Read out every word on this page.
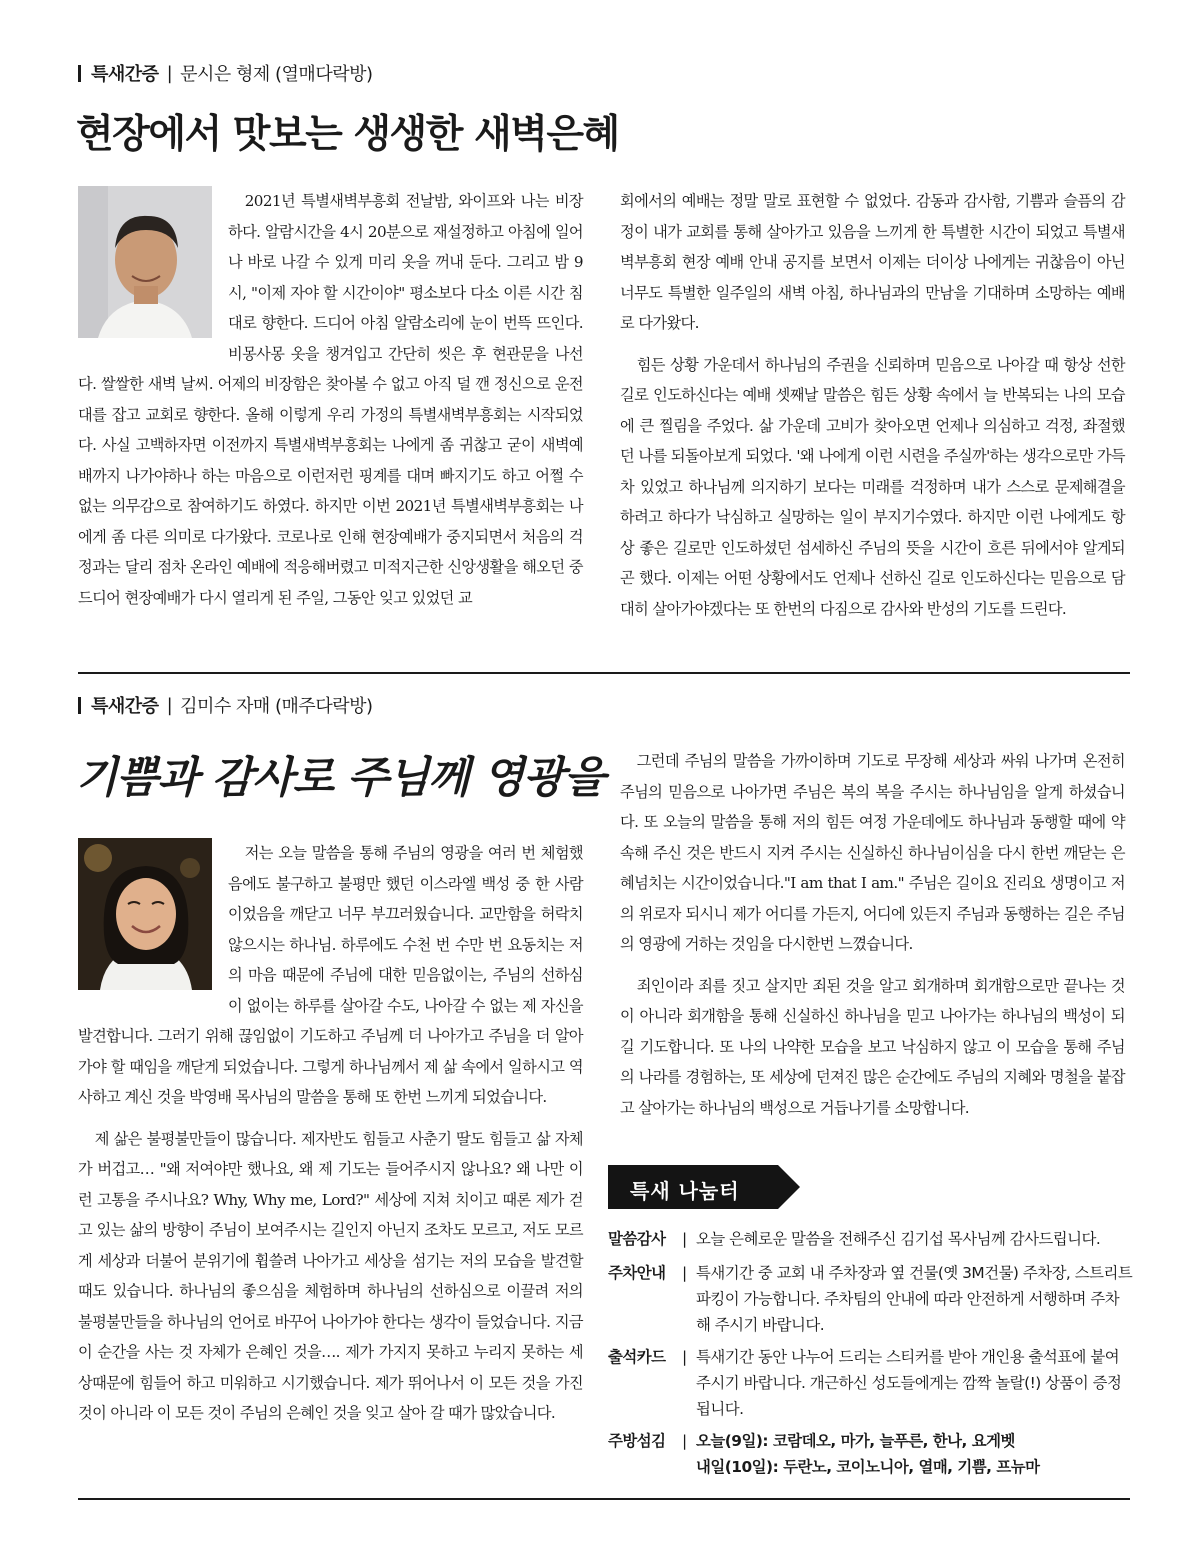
특새간증 | 문시은 형제 (열매다락방)
현장에서 맛보는 생생한 새벽은혜

2021년 특별새벽부흥회 전날밤, 와이프와 나는 비장하다. 알람시간을 4시 20분으로 재설정하고 아침에 일어나 바로 나갈 수 있게 미리 옷을 꺼내 둔다. 그리고 밤 9시, "이제 자야 할 시간이야" 평소보다 다소 이른 시간 침대로 향한다. 드디어 아침 알람소리에 눈이 번뜩 뜨인다. 비몽사몽 옷을 챙겨입고 간단히 씻은 후 현관문을 나선다. 쌀쌀한 새벽 날씨. 어제의 비장함은 찾아볼 수 없고 아직 덜 깬 정신으로 운전대를 잡고 교회로 향한다. 올해 이렇게 우리 가정의 특별새벽부흥회는 시작되었다. 사실 고백하자면 이전까지 특별새벽부흥회는 나에게 좀 귀찮고 굳이 새벽예배까지 나가야하나 하는 마음으로 이런저런 핑계를 대며 빠지기도 하고 어쩔 수 없는 의무감으로 참여하기도 하였다. 하지만 이번 2021년 특별새벽부흥회는 나에게 좀 다른 의미로 다가왔다. 코로나로 인해 현장예배가 중지되면서 처음의 걱정과는 달리 점차 온라인 예배에 적응해버렸고 미적지근한 신앙생활을 해오던 중 드디어 현장예배가 다시 열리게 된 주일, 그동안 잊고 있었던 교

회에서의 예배는 정말 말로 표현할 수 없었다. 감동과 감사함, 기쁨과 슬픔의 감정이 내가 교회를 통해 살아가고 있음을 느끼게 한 특별한 시간이 되었고 특별새벽부흥회 현장 예배 안내 공지를 보면서 이제는 더이상 나에게는 귀찮음이 아닌 너무도 특별한 일주일의 새벽 아침, 하나님과의 만남을 기대하며 소망하는 예배로 다가왔다.

힘든 상황 가운데서 하나님의 주권을 신뢰하며 믿음으로 나아갈 때 항상 선한 길로 인도하신다는 예배 셋째날 말씀은 힘든 상황 속에서 늘 반복되는 나의 모습에 큰 찔림을 주었다. 삶 가운데 고비가 찾아오면 언제나 의심하고 걱정, 좌절했던 나를 되돌아보게 되었다. '왜 나에게 이런 시련을 주실까'하는 생각으로만 가득차 있었고 하나님께 의지하기 보다는 미래를 걱정하며 내가 스스로 문제해결을 하려고 하다가 낙심하고 실망하는 일이 부지기수였다. 하지만 이런 나에게도 항상 좋은 길로만 인도하셨던 섬세하신 주님의 뜻을 시간이 흐른 뒤에서야 알게되곤 했다. 이제는 어떤 상황에서도 언제나 선하신 길로 인도하신다는 믿음으로 담대히 살아가야겠다는 또 한번의 다짐으로 감사와 반성의 기도를 드린다.

특새간증 | 김미수 자매 (매주다락방)
기쁨과 감사로 주님께 영광을

저는 오늘 말씀을 통해 주님의 영광을 여러 번 체험했음에도 불구하고 불평만 했던 이스라엘 백성 중 한 사람이었음을 깨닫고 너무 부끄러웠습니다. 교만함을 허락치 않으시는 하나님. 하루에도 수천 번 수만 번 요동치는 저의 마음 때문에 주님에 대한 믿음없이는, 주님의 선하심이 없이는 하루를 살아갈 수도, 나아갈 수 없는 제 자신을 발견합니다. 그러기 위해 끊임없이 기도하고 주님께 더 나아가고 주님을 더 알아가야 할 때임을 깨닫게 되었습니다. 그렇게 하나님께서 제 삶 속에서 일하시고 역사하고 계신 것을 박영배 목사님의 말씀을 통해 또 한번 느끼게 되었습니다.

제 삶은 불평불만들이 많습니다. 제자반도 힘들고 사춘기 딸도 힘들고 삶 자체가 버겁고… "왜 저여야만 했나요, 왜 제 기도는 들어주시지 않나요? 왜 나만 이런 고통을 주시나요? Why, Why me, Lord?" 세상에 지쳐 치이고 때론 제가 걷고 있는 삶의 방향이 주님이 보여주시는 길인지 아닌지 조차도 모르고, 저도 모르게 세상과 더불어 분위기에 휩쓸려 나아가고 세상을 섬기는 저의 모습을 발견할 때도 있습니다. 하나님의 좋으심을 체험하며 하나님의 선하심으로 이끌려 저의 불평불만들을 하나님의 언어로 바꾸어 나아가야 한다는 생각이 들었습니다. 지금 이 순간을 사는 것 자체가 은혜인 것을…. 제가 가지지 못하고 누리지 못하는 세상때문에 힘들어 하고 미워하고 시기했습니다. 제가 뛰어나서 이 모든 것을 가진 것이 아니라 이 모든 것이 주님의 은혜인 것을 잊고 살아 갈 때가 많았습니다.

그런데 주님의 말씀을 가까이하며 기도로 무장해 세상과 싸워 나가며 온전히 주님의 믿음으로 나아가면 주님은 복의 복을 주시는 하나님임을 알게 하셨습니다. 또 오늘의 말씀을 통해 저의 힘든 여정 가운데에도 하나님과 동행할 때에 약속해 주신 것은 반드시 지켜 주시는 신실하신 하나님이심을 다시 한번 깨닫는 은혜넘치는 시간이었습니다."I am that I am." 주님은 길이요 진리요 생명이고 저의 위로자 되시니 제가 어디를 가든지, 어디에 있든지 주님과 동행하는 길은 주님의 영광에 거하는 것임을 다시한번 느꼈습니다.

죄인이라 죄를 짓고 살지만 죄된 것을 알고 회개하며 회개함으로만 끝나는 것이 아니라 회개함을 통해 신실하신 하나님을 믿고 나아가는 하나님의 백성이 되길 기도합니다. 또 나의 나약한 모습을 보고 낙심하지 않고 이 모습을 통해 주님의 나라를 경험하는, 또 세상에 던져진 많은 순간에도 주님의 지혜와 명철을 붙잡고 살아가는 하나님의 백성으로 거듭나기를 소망합니다.

특새 나눔터
말씀감사	| 오늘 은혜로운 말씀을 전해주신 김기섭 목사님께 감사드립니다.
주차안내	| 특새기간 중 교회 내 주차장과 옆 건물(옛 3M건물) 주차장, 스트리트 파킹이 가능합니다. 주차팀의 안내에 따라 안전하게 서행하며 주차해 주시기 바랍니다.
출석카드	| 특새기간 동안 나누어 드리는 스티커를 받아 개인용 출석표에 붙여 주시기 바랍니다. 개근하신 성도들에게는 깜짝 놀랄(!) 상품이 증정됩니다.
주방섬김	| 오늘(9일): 코람데오, 마가, 늘푸른, 한나, 요게벳
내일(10일): 두란노, 코이노니아, 열매, 기쁨, 프뉴마
